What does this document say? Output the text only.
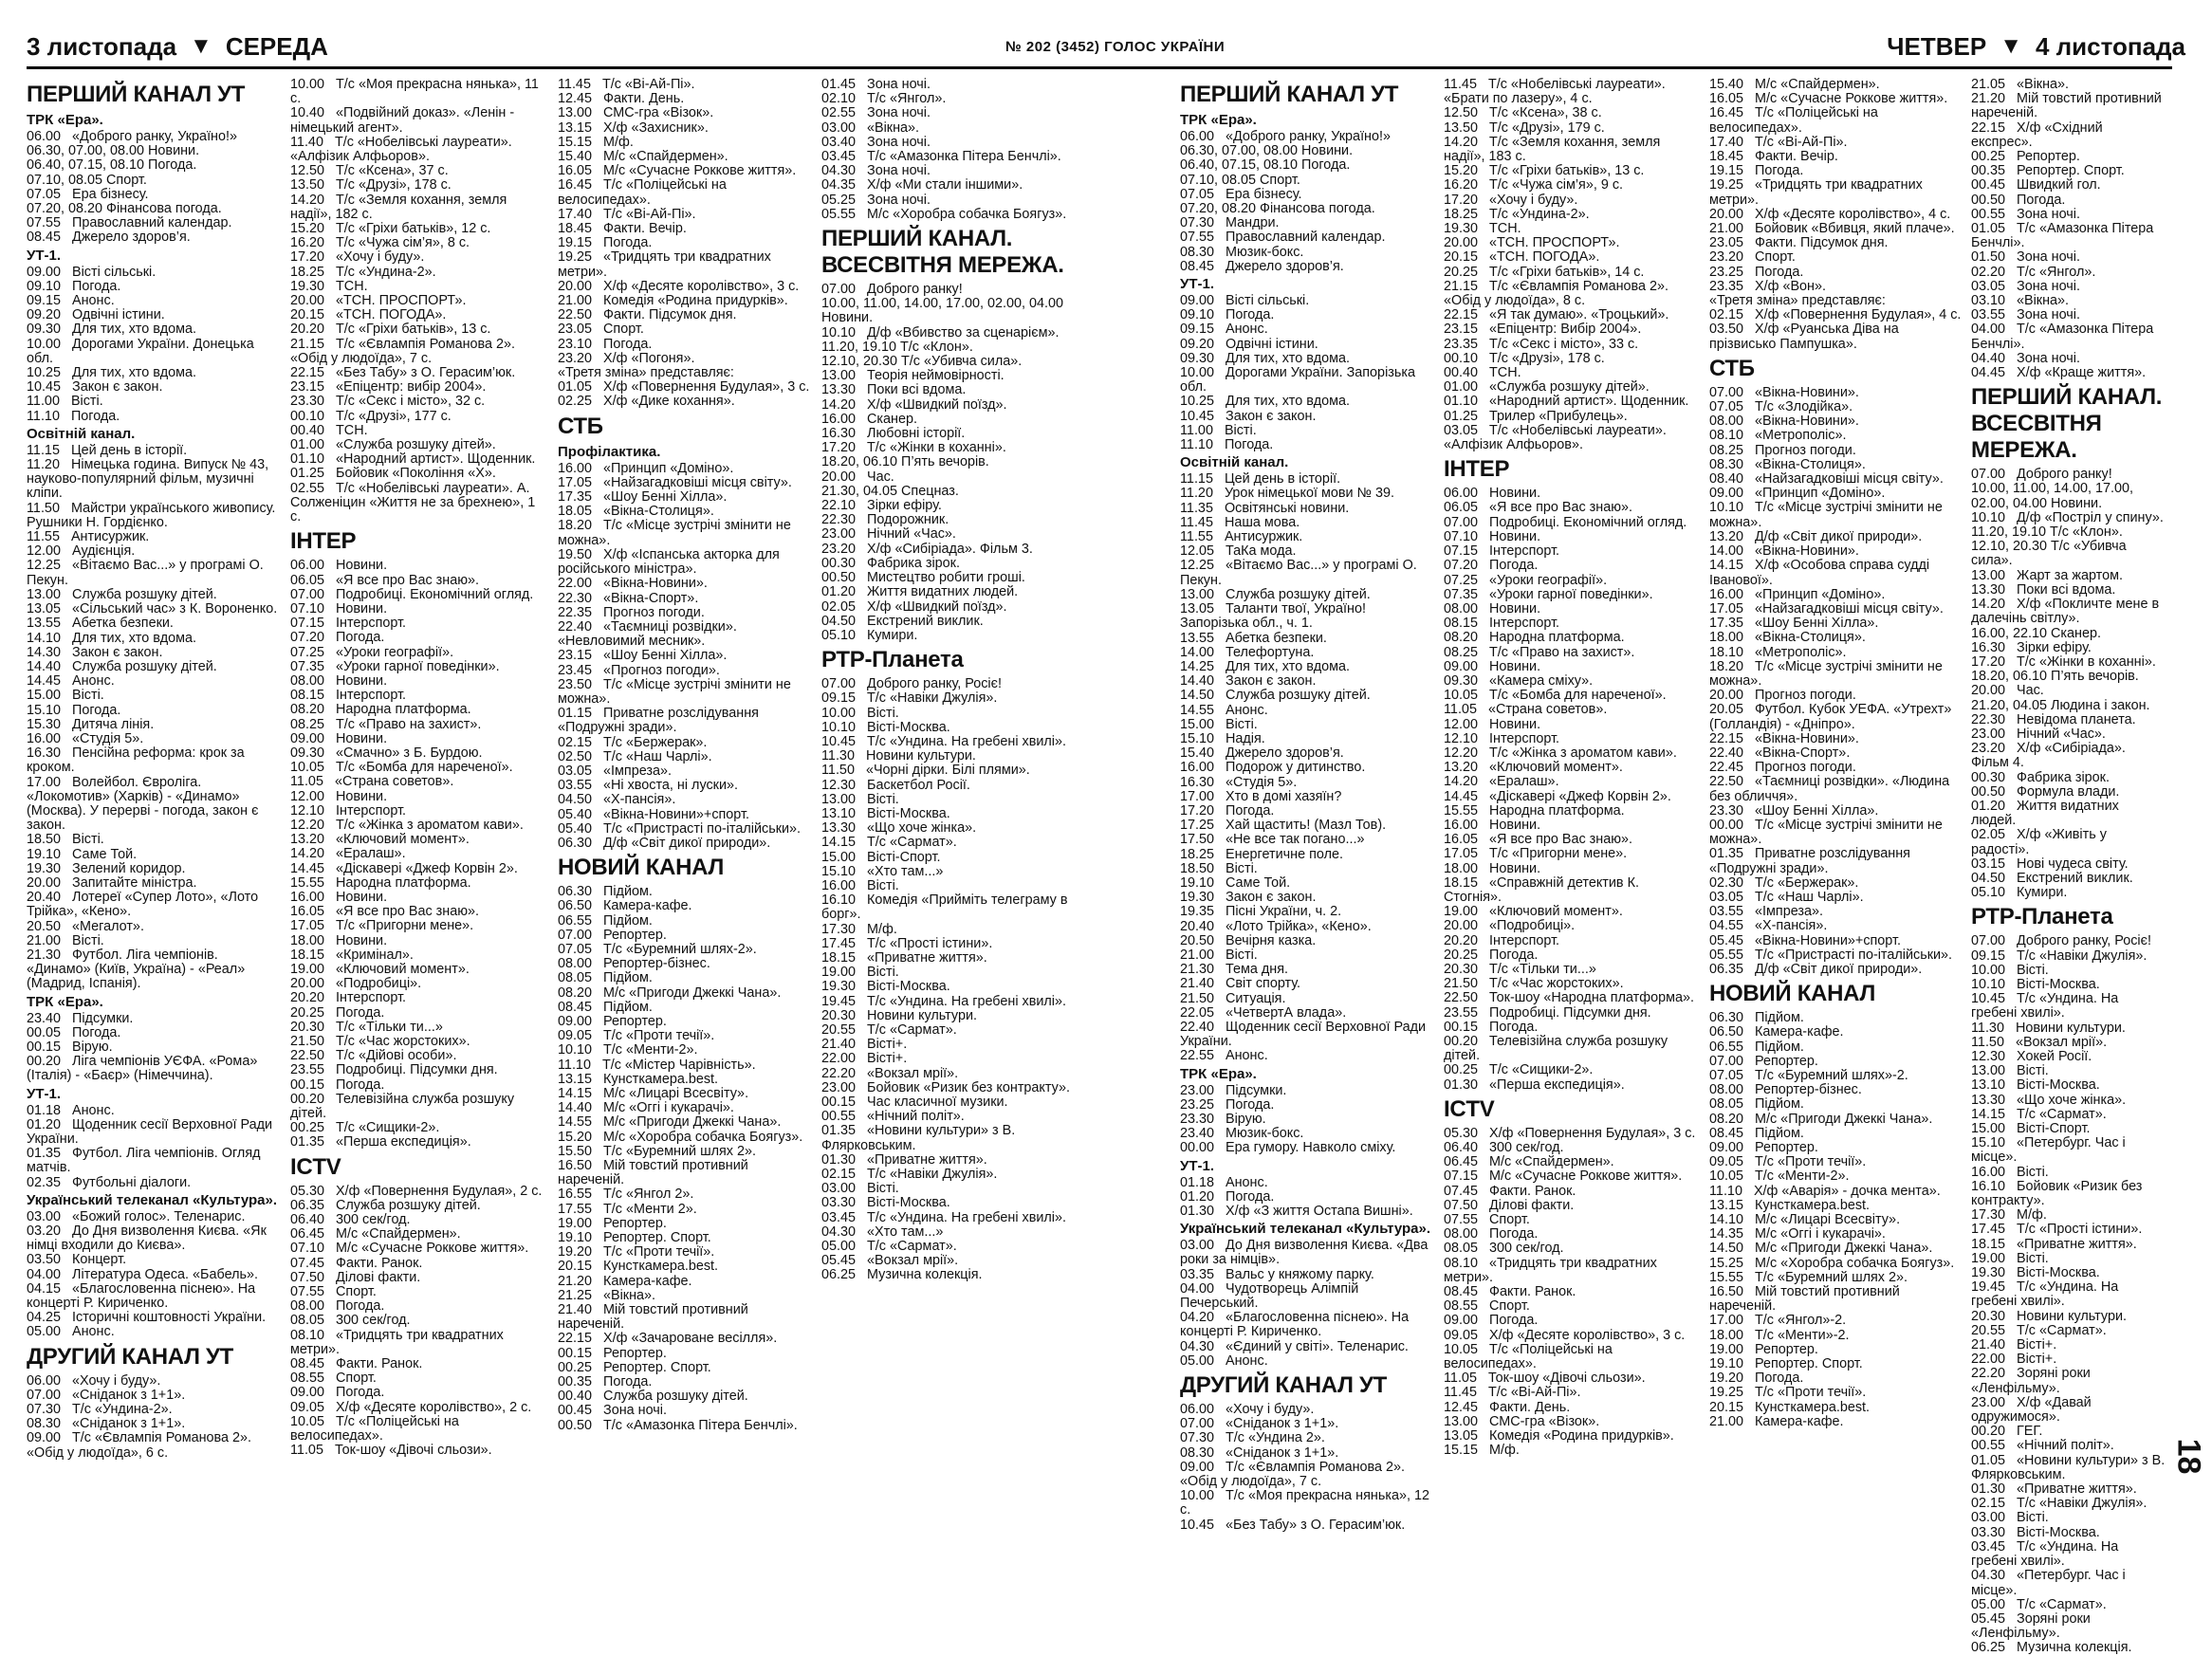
3 листопада ▼ СЕРЕДА	№ 202 (3452) ГОЛОС УКРАЇНИ	ЧЕТВЕР ▼ 4 листопада
ПЕРШИЙ КАНАЛ УТ
ТРК «Ера».
06.00   «Доброго ранку, Україно!»
06.30, 07.00, 08.00 Новини.
06.40, 07.15, 08.10 Погода.
07.10, 08.05 Спорт.
07.05   Ера бізнесу.
07.20, 08.20 Фінансова погода.
07.55   Православний календар.
08.45   Джерело здоров’я.
УТ-1.
09.00   Вісті сільські.
09.10   Погода.
09.15   Анонс.
09.20   Одвічні істини.
09.30   Для тих, хто вдома.
10.00   Дорогами України. Донецька обл.
10.25   Для тих, хто вдома.
10.45   Закон є закон.
11.00   Вісті.
11.10   Погода.
Освітній канал.
11.15   Цей день в історії.
11.20   Німецька година. Випуск № 43, науково-популярний фільм, музичні кліпи.
11.50   Майстри українського живопису. Рушники Н. Гордієнко.
11.55   Антисуржик.
12.00   Аудієнція.
12.25   «Вітаємо Вас...» у програмі О. Пекун.
13.00   Служба розшуку дітей.
13.05   «Сільський час» з К. Вороненко.
13.55   Абетка безпеки.
14.10   Для тих, хто вдома.
14.30   Закон є закон.
14.40   Служба розшуку дітей.
14.45   Анонс.
15.00   Вісті.
15.10   Погода.
15.30   Дитяча лінія.
16.00   «Студія 5».
16.30   Пенсійна реформа: крок за кроком.
17.00   Волейбол. Євроліга. «Локомотив» (Харків) - «Динамо» (Москва). У перерві - погода, закон є закон.
18.50   Вісті.
19.10   Саме Той.
19.30   Зелений коридор.
20.00   Запитайте міністра.
20.40   Лотереї «Супер Лото», «Лото Трійка», «Кено».
20.50   «Мегалот».
21.00   Вісті.
21.30   Футбол. Ліга чемпіонів. «Динамо» (Київ, Україна) - «Реал» (Мадрид, Іспанія).
ТРК «Ера».
23.40   Підсумки.
00.05   Погода.
00.15   Вірую.
00.20   Ліга чемпіонів УЄФА. «Рома» (Італія) - «Баєр» (Німеччина).
УТ-1.
01.18   Анонс.
01.20   Щоденник сесії Верховної Ради України.
01.35   Футбол. Ліга чемпіонів. Огляд матчів.
02.35   Футбольні діалоги.
Український телеканал «Культура».
03.00   «Божий голос». Теленарис.
03.20   До Дня визволення Києва. «Як німці входили до Києва».
03.50   Концерт.
04.00   Література Одеса. «Бабель».
04.15   «Благословенна піснею». На концерті Р. Кириченко.
04.25   Історичні коштовності України.
05.00   Анонс.
ДРУГИЙ КАНАЛ УТ
06.00   «Хочу і буду».
07.00   «Сніданок з 1+1».
07.30   Т/с «Ундина-2».
08.30   «Сніданок з 1+1».
09.00   Т/с «Євлампія Романова 2». «Обід у людоїда», 6 с.
10.00   Т/с «Моя прекрасна нянька», 11 с.
10.40   «Подвійний доказ». «Ленін - німецький агент».
11.40   Т/с «Нобелівські лауреати». «Алфізик Алфьоров».
12.50   Т/с «Ксена», 37 с.
13.50   Т/с «Друзі», 178 с.
14.20   Т/с «Земля кохання, земля надії», 182 с.
15.20   Т/с «Гріхи батьків», 12 с.
16.20   Т/с «Чужа сім’я», 8 с.
17.20   «Хочу і буду».
18.25   Т/с «Ундина-2».
19.30   ТСН.
20.00   «ТСН. ПРОСПОРТ».
20.15   «ТСН. ПОГОДА».
20.20   Т/с «Гріхи батьків», 13 с.
21.15   Т/с «Євлампія Романова 2». «Обід у людоїда», 7 с.
22.15   «Без Табу» з О. Герасим’юк.
23.15   «Епіцентр: вибір 2004».
23.30   Т/с «Секс і місто», 32 с.
00.10   Т/с «Друзі», 177 с.
00.40   ТСН.
01.00   «Служба розшуку дітей».
01.10   «Народний артист». Щоденник.
01.25   Бойовик «Покоління «Х».
02.55   Т/с «Нобелівські лауреати». А. Солженіцин «Життя не за брехнею», 1 с.
ІНТЕР
06.00   Новини.
06.05   «Я все про Вас знаю».
07.00   Подробиці. Економічний огляд.
07.10   Новини.
07.15   Інтерспорт.
07.20   Погода.
07.25   «Уроки географії».
07.35   «Уроки гарної поведінки».
08.00   Новини.
08.15   Інтерспорт.
08.20   Народна платформа.
08.25   Т/с «Право на захист».
09.00   Новини.
09.30   «Смачно» з Б. Бурдою.
10.05   Т/с «Бомба для нареченої».
11.05   «Страна советов».
12.00   Новини.
12.10   Інтерспорт.
12.20   Т/с «Жінка з ароматом кави».
13.20   «Ключовий момент».
14.20   «Ералаш».
14.45   «Діскавері «Джеф Корвін 2».
15.55   Народна платформа.
16.00   Новини.
16.05   «Я все про Вас знаю».
17.05   Т/с «Пригорни мене».
18.00   Новини.
18.15   «Кримінал».
19.00   «Ключовий момент».
20.00   «Подробиці».
20.20   Інтерспорт.
20.25   Погода.
20.30   Т/с «Тільки ти...»
21.50   Т/с «Час жорстоких».
22.50   Т/с «Дійові особи».
23.55   Подробиці. Підсумки дня.
00.15   Погода.
00.20   Телевізійна служба розшуку дітей.
00.25   Т/с «Сищики-2».
01.35   «Перша експедиція».
ICTV
05.30   Х/ф «Повернення Будулая», 2 с.
06.35   Служба розшуку дітей.
06.40   300 сек/год.
06.45   М/с «Спайдермен».
07.10   М/с «Сучасне Роккове життя».
07.45   Факти. Ранок.
07.50   Ділові факти.
07.55   Спорт.
08.00   Погода.
08.05   300 сек/год.
08.10   «Тридцять три квадратних метри».
08.45   Факти. Ранок.
08.55   Спорт.
09.00   Погода.
09.05   Х/ф «Десяте королівство», 2 с.
10.05   Т/с «Поліцейські на велосипедах».
11.05   Ток-шоу «Дівочі сльози».
11.45   Т/с «Ві-Ай-Пі».
12.45   Факти. День.
13.00   СМС-гра «Візок».
13.15   Х/ф «Захисник».
15.15   М/ф.
15.40   М/с «Спайдермен».
16.05   М/с «Сучасне Роккове життя».
16.45   Т/с «Поліцейські на велосипедах».
17.40   Т/с «Ві-Ай-Пі».
18.45   Факти. Вечір.
19.15   Погода.
19.25   «Тридцять три квадратних метри».
20.00   Х/ф «Десяте королівство», 3 с.
21.00   Комедія «Родина придурків».
22.50   Факти. Підсумок дня.
23.05   Спорт.
23.10   Погода.
23.20   Х/ф «Погоня».
«Третя зміна» представляє:
01.05   Х/ф «Повернення Будулая», 3 с.
02.25   Х/ф «Дике кохання».
СТБ
Профілактика.
16.00   «Принцип «Доміно».
17.05   «Найзагадковіші місця світу».
17.35   «Шоу Бенні Хілла».
18.05   «Вікна-Столиця».
18.20   Т/с «Місце зустрічі змінити не можна».
19.50   Х/ф «Іспанська акторка для російського міністра».
22.00   «Вікна-Новини».
22.30   «Вікна-Спорт».
22.35   Прогноз погоди.
22.40   «Таємниці розвідки». «Невловимий месник».
23.15   «Шоу Бенні Хілла».
23.45   «Прогноз погоди».
23.50   Т/с «Місце зустрічі змінити не можна».
01.15   Приватне розслідування «Подружні зради».
02.15   Т/с «Бержерак».
02.50   Т/с «Наш Чарлі».
03.05   «Імпреза».
03.55   «Ні хвоста, ні луски».
04.50   «Х-пансія».
05.40   «Вікна-Новини»+спорт.
05.40   Т/с «Пристрасті по-італійськи».
06.30   Д/ф «Світ дикої природи».
НОВИЙ КАНАЛ
06.30   Підйом.
06.50   Камера-кафе.
06.55   Підйом.
07.00   Репортер.
07.05   Т/с «Буремний шлях-2».
08.00   Репортер-бізнес.
08.05   Підйом.
08.20   М/с «Пригоди Джеккі Чана».
08.45   Підйом.
09.00   Репортер.
09.05   Т/с «Проти течії».
10.10   Т/с «Менти-2».
11.10   Т/с «Містер Чарівність».
13.15   Кунсткамера.best.
14.15   М/с «Лицарі Всесвіту».
14.40   М/с «Оггі і кукарачі».
14.55   М/с «Пригоди Джеккі Чана».
15.20   М/с «Хоробра собачка Боягуз».
15.50   Т/с «Буремний шлях 2».
16.50   Мій товстий противний нареченій.
16.55   Т/с «Янгол 2».
17.55   Т/с «Менти 2».
19.00   Репортер.
19.10   Репортер. Спорт.
19.20   Т/с «Проти течії».
20.15   Кунсткамера.best.
21.20   Камера-кафе.
21.25   «Вікна».
21.40   Мій товстий противний нареченій.
22.15   Х/ф «Зачароване весілля».
00.15   Репортер.
00.25   Репортер. Спорт.
00.35   Погода.
00.40   Служба розшуку дітей.
00.45   Зона ночі.
00.50   Т/с «Амазонка Пітера Бенчлі».
01.45   Зона ночі.
02.10   Т/с «Янгол».
02.55   Зона ночі.
03.00   «Вікна».
03.40   Зона ночі.
03.45   Т/с «Амазонка Пітера Бенчлі».
04.30   Зона ночі.
04.35   Х/ф «Ми стали іншими».
05.25   Зона ночі.
05.55   М/с «Хоробра собачка Боягуз».
ПЕРШИЙ КАНАЛ. ВСЕСВІТНЯ МЕРЕЖА.
07.00   Доброго ранку!
10.00, 11.00, 14.00, 17.00, 02.00, 04.00 Новини.
10.10   Д/ф «Вбивство за сценарієм».
11.20, 19.10 Т/с «Клон».
12.10, 20.30 Т/с «Убивча сила».
13.00   Теорія неймовірності.
13.30   Поки всі вдома.
14.20   Х/ф «Швидкий поїзд».
16.00   Сканер.
16.30   Любовні історії.
17.20   Т/с «Жінки в коханні».
18.20, 06.10 П’ять вечорів.
20.00   Час.
21.30, 04.05 Спецназ.
22.10   Зірки ефіру.
22.30   Подорожник.
23.00   Нічний «Час».
23.20   Х/ф «Сибіріада». Фільм 3.
00.30   Фабрика зірок.
00.50   Мистецтво робити гроші.
01.20   Життя видатних людей.
02.05   Х/ф «Швидкий поїзд».
04.50   Екстрений виклик.
05.10   Кумири.
РТР-Планета
07.00   Доброго ранку, Росіє!
09.15   Т/с «Навіки Джулія».
10.00   Вісті.
10.10   Вісті-Москва.
10.45   Т/с «Ундина. На гребені хвилі».
11.30   Новини культури.
11.50   «Чорні дірки. Білі плями».
12.30   Баскетбол Росії.
13.00   Вісті.
13.10   Вісті-Москва.
13.30   «Що хоче жінка».
14.15   Т/с «Сармат».
15.00   Вісті-Спорт.
15.10   «Хто там...»
16.00   Вісті.
16.10   Комедія «Прийміть телеграму в борг».
17.30   М/ф.
17.45   Т/с «Прості істини».
18.15   «Приватне життя».
19.00   Вісті.
19.30   Вісті-Москва.
19.45   Т/с «Ундина. На гребені хвилі».
20.30   Новини культури.
20.55   Т/с «Сармат».
21.40   Вісті+.
22.00   Вісті+.
22.20   «Вокзал мрії».
23.00   Бойовик «Ризик без контракту».
00.15   Час класичної музики.
00.55   «Нічний політ».
01.35   «Новини культури» з В. Флярковським.
01.30   «Приватне життя».
02.15   Т/с «Навіки Джулія».
03.00   Вісті.
03.30   Вісті-Москва.
03.45   Т/с «Ундина. На гребені хвилі».
04.30   «Хто там...»
05.00   Т/с «Сармат».
05.45   «Вокзал мрії».
06.25   Музична колекція.
ПЕРШИЙ КАНАЛ УТ
ТРК «Ера».
06.00   «Доброго ранку, Україно!»
06.30, 07.00, 08.00 Новини.
06.40, 07.15, 08.10 Погода.
07.10, 08.05 Спорт.
07.05   Ера бізнесу.
07.20, 08.20 Фінансова погода.
07.30   Мандри.
07.55   Православний календар.
08.30   Мюзик-бокс.
08.45   Джерело здоров’я.
УТ-1.
09.00   Вісті сільські.
09.10   Погода.
09.15   Анонс.
09.20   Одвічні істини.
09.30   Для тих, хто вдома.
10.00   Дорогами України. Запорізька обл.
10.25   Для тих, хто вдома.
10.45   Закон є закон.
11.00   Вісті.
11.10   Погода.
Освітній канал.
11.15   Цей день в історії.
11.20   Урок німецької мови № 39.
11.35   Освітянські новини.
11.45   Наша мова.
11.55   Антисуржик.
12.05   ТаКа мода.
12.25   «Вітаємо Вас...» у програмі О. Пекун.
13.00   Служба розшуку дітей.
13.05   Таланти твої, Україно! Запорізька обл., ч. 1.
13.55   Абетка безпеки.
14.00   Телефортуна.
14.25   Для тих, хто вдома.
14.40   Закон є закон.
14.50   Служба розшуку дітей.
14.55   Анонс.
15.00   Вісті.
15.10   Надія.
15.40   Джерело здоров’я.
16.00   Подорож у дитинство.
16.30   «Студія 5».
17.00   Хто в домі хазяїн?
17.20   Погода.
17.25   Хай щастить! (Мазл Тов).
17.50   «Не все так погано...»
18.25   Енергетичне поле.
18.50   Вісті.
19.10   Саме Той.
19.30   Закон є закон.
19.35   Пісні України, ч. 2.
20.40   «Лото Трійка», «Кено».
20.50   Вечірня казка.
21.00   Вісті.
21.30   Тема дня.
21.40   Світ спорту.
21.50   Ситуація.
22.05   «ЧетвертА влада».
22.40   Щоденник сесії Верховної Ради України.
22.55   Анонс.
ТРК «Ера».
23.00   Підсумки.
23.25   Погода.
23.30   Вірую.
23.40   Мюзик-бокс.
00.00   Ера гумору. Навколо сміху.
УТ-1.
01.18   Анонс.
01.20   Погода.
01.30   Х/ф «З життя Остапа Вишні».
Український телеканал «Культура».
03.00   До Дня визволення Києва. «Два роки за німців».
03.35   Вальс у княжому парку.
04.00   Чудотворець Алімпій Печерський.
04.20   «Благословенна піснею». На концерті Р. Кириченко.
04.30   «Єдиний у світі». Теленарис.
05.00   Анонс.
ДРУГИЙ КАНАЛ УТ
06.00   «Хочу і буду».
07.00   «Сніданок з 1+1».
07.30   Т/с «Ундина 2».
08.30   «Сніданок з 1+1».
09.00   Т/с «Євлампія Романова 2». «Обід у людоїда», 7 с.
10.00   Т/с «Моя прекрасна нянька», 12 с.
10.45   «Без Табу» з О. Герасим’юк.
11.45   Т/с «Нобелівські лауреати». «Брати по лазеру», 4 с.
12.50   Т/с «Ксена», 38 с.
13.50   Т/с «Друзі», 179 с.
14.20   Т/с «Земля кохання, земля надії», 183 с.
15.20   Т/с «Гріхи батьків», 13 с.
16.20   Т/с «Чужа сім’я», 9 с.
17.20   «Хочу і буду».
18.25   Т/с «Ундина-2».
19.30   ТСН.
20.00   «ТСН. ПРОСПОРТ».
20.15   «ТСН. ПОГОДА».
20.25   Т/с «Гріхи батьків», 14 с.
21.15   Т/с «Євлампія Романова 2». «Обід у людоїда», 8 с.
22.15   «Я так думаю». «Троцький».
23.15   «Епіцентр: Вибір 2004».
23.35   Т/с «Секс і місто», 33 с.
00.10   Т/с «Друзі», 178 с.
00.40   ТСН.
01.00   «Служба розшуку дітей».
01.10   «Народний артист». Щоденник.
01.25   Трилер «Прибулець».
03.05   Т/с «Нобелівські лауреати». «Алфізик Алфьоров».
ІНТЕР
06.00   Новини.
06.05   «Я все про Вас знаю».
07.00   Подробиці. Економічний огляд.
07.10   Новини.
07.15   Інтерспорт.
07.20   Погода.
07.25   «Уроки географії».
07.35   «Уроки гарної поведінки».
08.00   Новини.
08.15   Інтерспорт.
08.20   Народна платформа.
08.25   Т/с «Право на захист».
09.00   Новини.
09.30   «Камера сміху».
10.05   Т/с «Бомба для нареченої».
11.05   «Страна советов».
12.00   Новини.
12.10   Інтерспорт.
12.20   Т/с «Жінка з ароматом кави».
13.20   «Ключовий момент».
14.20   «Ералаш».
14.45   «Діскавері «Джеф Корвін 2».
15.55   Народна платформа.
16.00   Новини.
16.05   «Я все про Вас знаю».
17.05   Т/с «Пригорни мене».
18.00   Новини.
18.15   «Справжній детектив К. Стогнія».
19.00   «Ключовий момент».
20.00   «Подробиці».
20.20   Інтерспорт.
20.25   Погода.
20.30   Т/с «Тільки ти...»
21.50   Т/с «Час жорстоких».
22.50   Ток-шоу «Народна платформа».
23.55   Подробиці. Підсумки дня.
00.15   Погода.
00.20   Телевізійна служба розшуку дітей.
00.25   Т/с «Сищики-2».
01.30   «Перша експедиція».
ICTV
05.30   Х/ф «Повернення Будулая», 3 с.
06.40   300 сек/год.
06.45   М/с «Спайдермен».
07.15   М/с «Сучасне Роккове життя».
07.45   Факти. Ранок.
07.50   Ділові факти.
07.55   Спорт.
08.00   Погода.
08.05   300 сек/год.
08.10   «Тридцять три квадратних метри».
08.45   Факти. Ранок.
08.55   Спорт.
09.00   Погода.
09.05   Х/ф «Десяте королівство», 3 с.
10.05   Т/с «Поліцейські на велосипедах».
11.05   Ток-шоу «Дівочі сльози».
11.45   Т/с «Ві-Ай-Пі».
12.45   Факти. День.
13.00   СМС-гра «Візок».
13.05   Комедія «Родина придурків».
15.15   М/ф.
15.40   М/с «Спайдермен».
16.05   М/с «Сучасне Роккове життя».
16.45   Т/с «Поліцейські на велосипедах».
17.40   Т/с «Ві-Ай-Пі».
18.45   Факти. Вечір.
19.15   Погода.
19.25   «Тридцять три квадратних метри».
20.00   Х/ф «Десяте королівство», 4 с.
21.00   Бойовик «Вбивця, який плаче».
23.05   Факти. Підсумок дня.
23.20   Спорт.
23.25   Погода.
23.35   Х/ф «Вон».
«Третя зміна» представляє:
02.15   Х/ф «Повернення Будулая», 4 с.
03.50   Х/ф «Руанська Діва на прізвисько Пампушка».
СТБ
07.00   «Вікна-Новини».
07.05   Т/с «Злодійка».
08.00   «Вікна-Новини».
08.10   «Метрополіс».
08.25   Прогноз погоди.
08.30   «Вікна-Столиця».
08.40   «Найзагадковіші місця світу».
09.00   «Принцип «Доміно».
10.10   Т/с «Місце зустрічі змінити не можна».
13.20   Д/ф «Світ дикої природи».
14.00   «Вікна-Новини».
14.15   Х/ф «Особова справа судді Іванової».
16.00   «Принцип «Доміно».
17.05   «Найзагадковіші місця світу».
17.35   «Шоу Бенні Хілла».
18.00   «Вікна-Столиця».
18.10   «Метрополіс».
18.20   Т/с «Місце зустрічі змінити не можна».
20.00   Прогноз погоди.
20.05   Футбол. Кубок УЕФА. «Утрехт» (Голландія) - «Дніпро».
22.15   «Вікна-Новини».
22.40   «Вікна-Спорт».
22.45   Прогноз погоди.
22.50   «Таємниці розвідки». «Людина без обличчя».
23.30   «Шоу Бенні Хілла».
00.00   Т/с «Місце зустрічі змінити не можна».
01.35   Приватне розслідування «Подружні зради».
02.30   Т/с «Бержерак».
03.05   Т/с «Наш Чарлі».
03.55   «Імпреза».
04.55   «Х-пансія».
05.45   «Вікна-Новини»+спорт.
05.55   Т/с «Пристрасті по-італійськи».
06.35   Д/ф «Світ дикої природи».
НОВИЙ КАНАЛ
06.30   Підйом.
06.50   Камера-кафе.
06.55   Підйом.
07.00   Репортер.
07.05   Т/с «Буремний шлях»-2.
08.00   Репортер-бізнес.
08.05   Підйом.
08.20   М/с «Пригоди Джеккі Чана».
08.45   Підйом.
09.00   Репортер.
09.05   Т/с «Проти течії».
10.05   Т/с «Менти-2».
11.10   Х/ф «Аварія» - дочка мента».
13.15   Кунсткамера.best.
14.10   М/с «Лицарі Всесвіту».
14.35   М/с «Оггі і кукарачі».
14.50   М/с «Пригоди Джеккі Чана».
15.25   М/с «Хоробра собачка Боягуз».
15.55   Т/с «Буремний шлях 2».
16.50   Мій товстий противний нареченій.
17.00   Т/с «Янгол»-2.
18.00   Т/с «Менти»-2.
19.00   Репортер.
19.10   Репортер. Спорт.
19.20   Погода.
19.25   Т/с «Проти течії».
20.15   Кунсткамера.best.
21.00   Камера-кафе.
21.05   «Вікна».
21.20   Мій товстий противний нареченій.
22.15   Х/ф «Східний експрес».
00.25   Репортер.
00.35   Репортер. Спорт.
00.45   Швидкий гол.
00.50   Погода.
00.55   Зона ночі.
01.05   Т/с «Амазонка Пітера Бенчлі».
01.50   Зона ночі.
02.20   Т/с «Янгол».
03.05   Зона ночі.
03.10   «Вікна».
03.55   Зона ночі.
04.00   Т/с «Амазонка Пітера Бенчлі».
04.40   Зона ночі.
04.45   Х/ф «Краще життя».
ПЕРШИЙ КАНАЛ. ВСЕСВІТНЯ МЕРЕЖА.
07.00   Доброго ранку!
10.00, 11.00, 14.00, 17.00, 02.00, 04.00 Новини.
10.10   Д/ф «Постріл у спину».
11.20, 19.10 Т/с «Клон».
12.10, 20.30 Т/с «Убивча сила».
13.00   Жарт за жартом.
13.30   Поки всі вдома.
14.20   Х/ф «Покличте мене в далечінь світлу».
16.00, 22.10 Сканер.
16.30   Зірки ефіру.
17.20   Т/с «Жінки в коханні».
18.20, 06.10 П’ять вечорів.
20.00   Час.
21.20, 04.05 Людина і закон.
22.30   Невідома планета.
23.00   Нічний «Час».
23.20   Х/ф «Сибіріада». Фільм 4.
00.30   Фабрика зірок.
00.50   Формула влади.
01.20   Життя видатних людей.
02.05   Х/ф «Живіть у радості».
03.15   Нові чудеса світу.
04.50   Екстрений виклик.
05.10   Кумири.
РТР-Планета
07.00   Доброго ранку, Росіє!
09.15   Т/с «Навіки Джулія».
10.00   Вісті.
10.10   Вісті-Москва.
10.45   Т/с «Ундина. На гребені хвилі».
11.30   Новини культури.
11.50   «Вокзал мрії».
12.30   Хокей Росії.
13.00   Вісті.
13.10   Вісті-Москва.
13.30   «Що хоче жінка».
14.15   Т/с «Сармат».
15.00   Вісті-Спорт.
15.10   «Петербург. Час і місце».
16.00   Вісті.
16.10   Бойовик «Ризик без контракту».
17.30   М/ф.
17.45   Т/с «Прості істини».
18.15   «Приватне життя».
19.00   Вісті.
19.30   Вісті-Москва.
19.45   Т/с «Ундина. На гребені хвилі».
20.30   Новини культури.
20.55   Т/с «Сармат».
21.40   Вісті+.
22.00   Вісті+.
22.20   Зоряні роки «Ленфільму».
23.00   Х/ф «Давай одружимося».
00.20   ГЕГ.
00.55   «Нічний політ».
01.05   «Новини культури» з В. Флярковським.
01.30   «Приватне життя».
02.15   Т/с «Навіки Джулія».
03.00   Вісті.
03.30   Вісті-Москва.
03.45   Т/с «Ундина. На гребені хвилі».
04.30   «Петербург. Час і місце».
05.00   Т/с «Сармат».
05.45   Зоряні роки «Ленфільму».
06.25   Музична колекція.
18
